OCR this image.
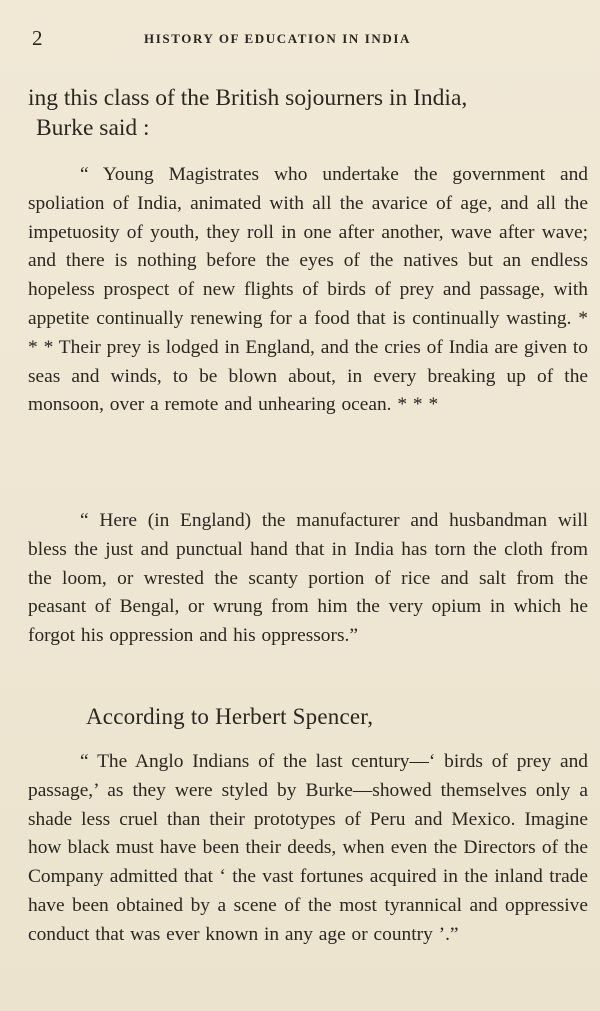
2	HISTORY OF EDUCATION IN INDIA

ing this class of the British sojourners in India,

Burke said :

“ Young Magistrates who undertake the government and spoliation of India, animated with all the avarice of age, and all the impetuosity of youth, they roll in one after another, wave after wave; and there is nothing before the eyes of the natives but an endless hopeless prospect of new flights of birds of prey and passage, with appetite continually renewing for a food that is continually wasting. * * * Their prey is lodged in England, and the cries of India are given to seas and winds, to be blown about, in every breaking up of the monsoon, over a remote and unhearing ocean. * * *

“ Here (in England) the manufacturer and husbandman will bless the just and punctual hand that in India has torn the cloth from the loom, or wrested the scanty portion of rice and salt from the peasant of Bengal, or wrung from him the very opium in which he forgot his oppression and his oppressors.”

According to Herbert Spencer,

“ The Anglo Indians of the last century—‘ birds of prey and passage,’ as they were styled by Burke—showed themselves only a shade less cruel than their prototypes of Peru and Mexico. Imagine how black must have been their deeds, when even the Directors of the Company admitted that ‘ the vast fortunes acquired in the inland trade have been obtained by a scene of the most tyrannical and oppressive conduct that was ever known in any age or country ’.”
